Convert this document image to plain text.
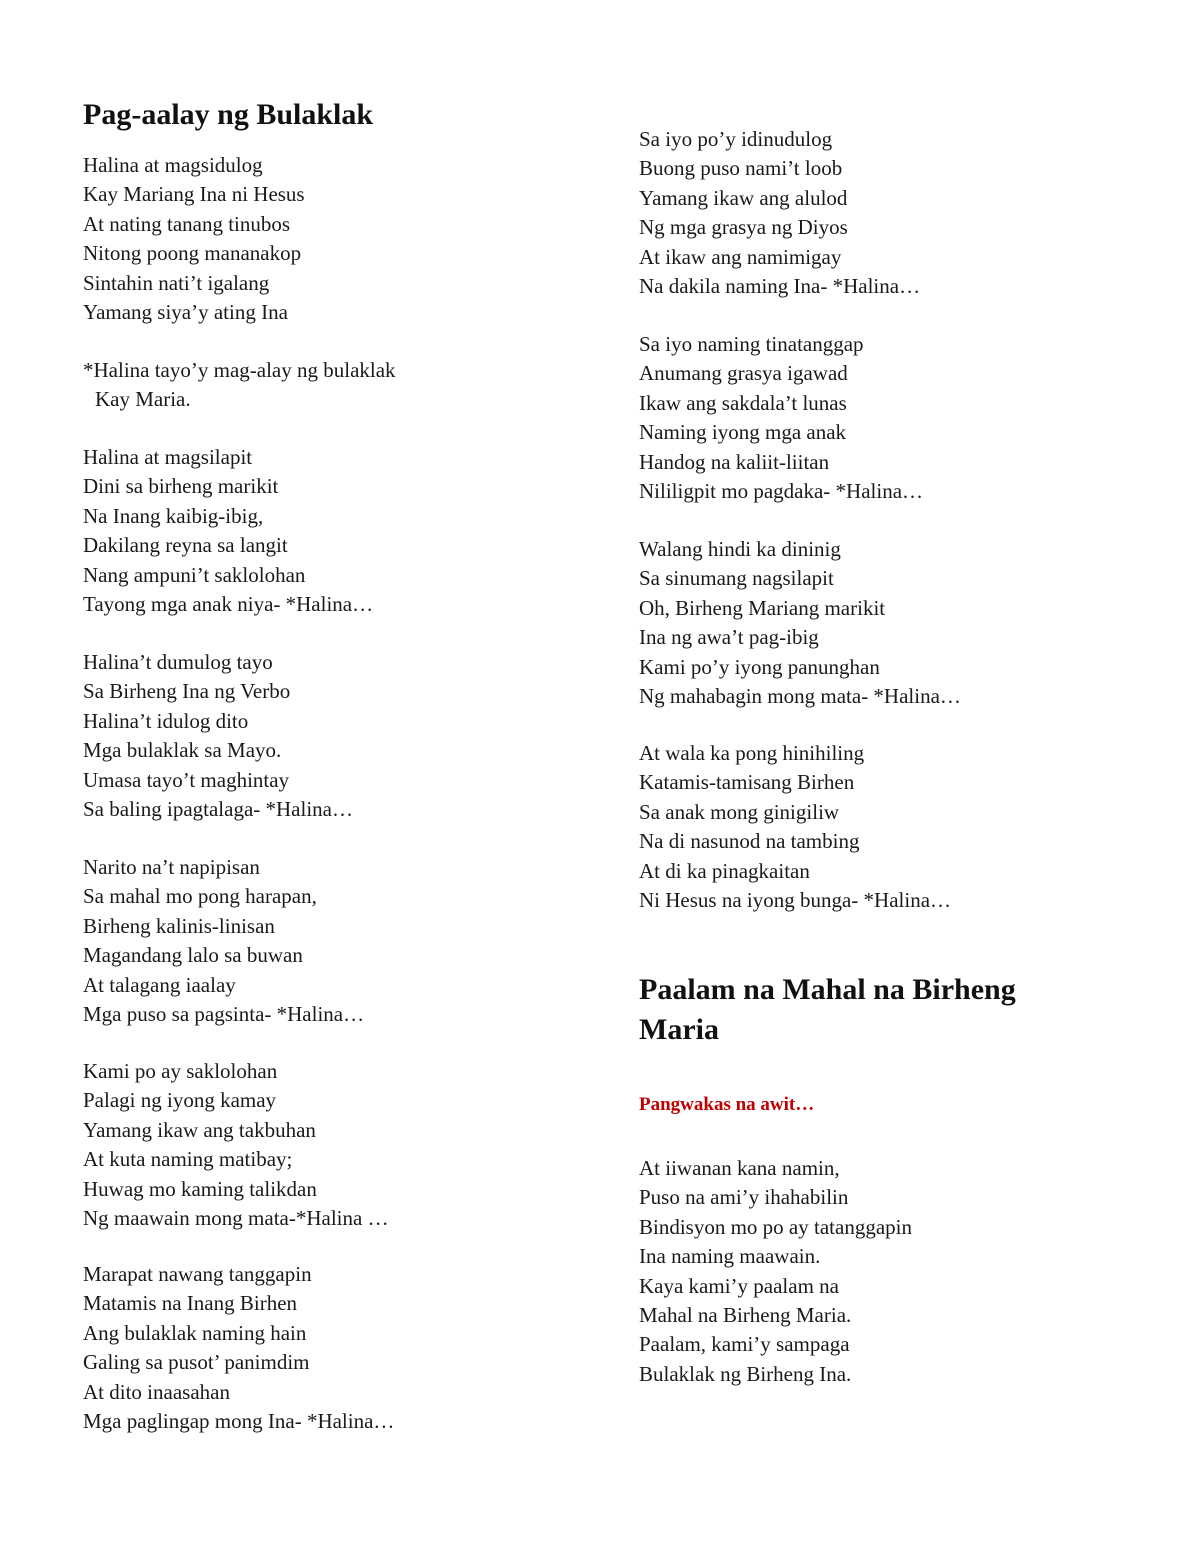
Pag-aalay ng Bulaklak
Halina at magsidulog
Kay Mariang Ina ni Hesus
At nating tanang tinubos
Nitong poong mananakop
Sintahin nati’t igalang
Yamang siya’y ating Ina
*Halina tayo’y mag-alay ng bulaklak
Kay Maria.
Halina at magsilapit
Dini sa birheng marikit
Na Inang kaibig-ibig,
Dakilang reyna sa langit
Nang ampuni’t saklolohan
Tayong mga anak niya- *Halina…
Halina’t dumulog tayo
Sa Birheng Ina ng Verbo
Halina’t idulog dito
Mga bulaklak sa Mayo.
Umasa tayo’t maghintay
Sa baling ipagtalaga- *Halina…
Narito na’t napipisan
Sa mahal mo pong harapan,
Birheng kalinis-linisan
Magandang lalo sa buwan
At talagang iaalay
Mga puso sa pagsinta- *Halina…
Kami po ay saklolohan
Palagi ng iyong kamay
Yamang ikaw ang takbuhan
At kuta naming matibay;
Huwag mo kaming talikdan
Ng maawain mong mata-*Halina …
Marapat nawang tanggapin
Matamis na Inang Birhen
Ang bulaklak naming hain
Galing sa pusot’ panimdim
At dito inaasahan
Mga paglingap mong Ina- *Halina…
Sa iyo po’y idinudulog
Buong puso nami’t loob
Yamang ikaw ang alulod
Ng mga grasya ng Diyos
At ikaw ang namimigay
Na dakila naming Ina- *Halina…
Sa iyo naming tinatanggap
Anumang grasya igawad
Ikaw ang sakdala’t lunas
Naming iyong mga anak
Handog na kaliit-liitan
Nililigpit mo pagdaka- *Halina…
Walang hindi ka dininig
Sa sinumang nagsilapit
Oh, Birheng Mariang marikit
Ina ng awa’t pag-ibig
Kami po’y iyong panunghan
Ng mahabagin mong mata- *Halina…
At wala ka pong hinihiling
Katamis-tamisang Birhen
Sa anak mong ginigiliw
Na di nasunod na tambing
At di ka pinagkaitan
Ni Hesus na iyong bunga- *Halina…
Paalam na Mahal na Birheng Maria

Pangwakas na awit…

At iiwanan kana namin,
Puso na ami’y ihahabilin
Bindisyon mo po ay tatanggapin
Ina naming maawain.
Kaya kami’y paalam na
Mahal na Birheng Maria.
Paalam, kami’y sampaga
Bulaklak ng Birheng Ina.
